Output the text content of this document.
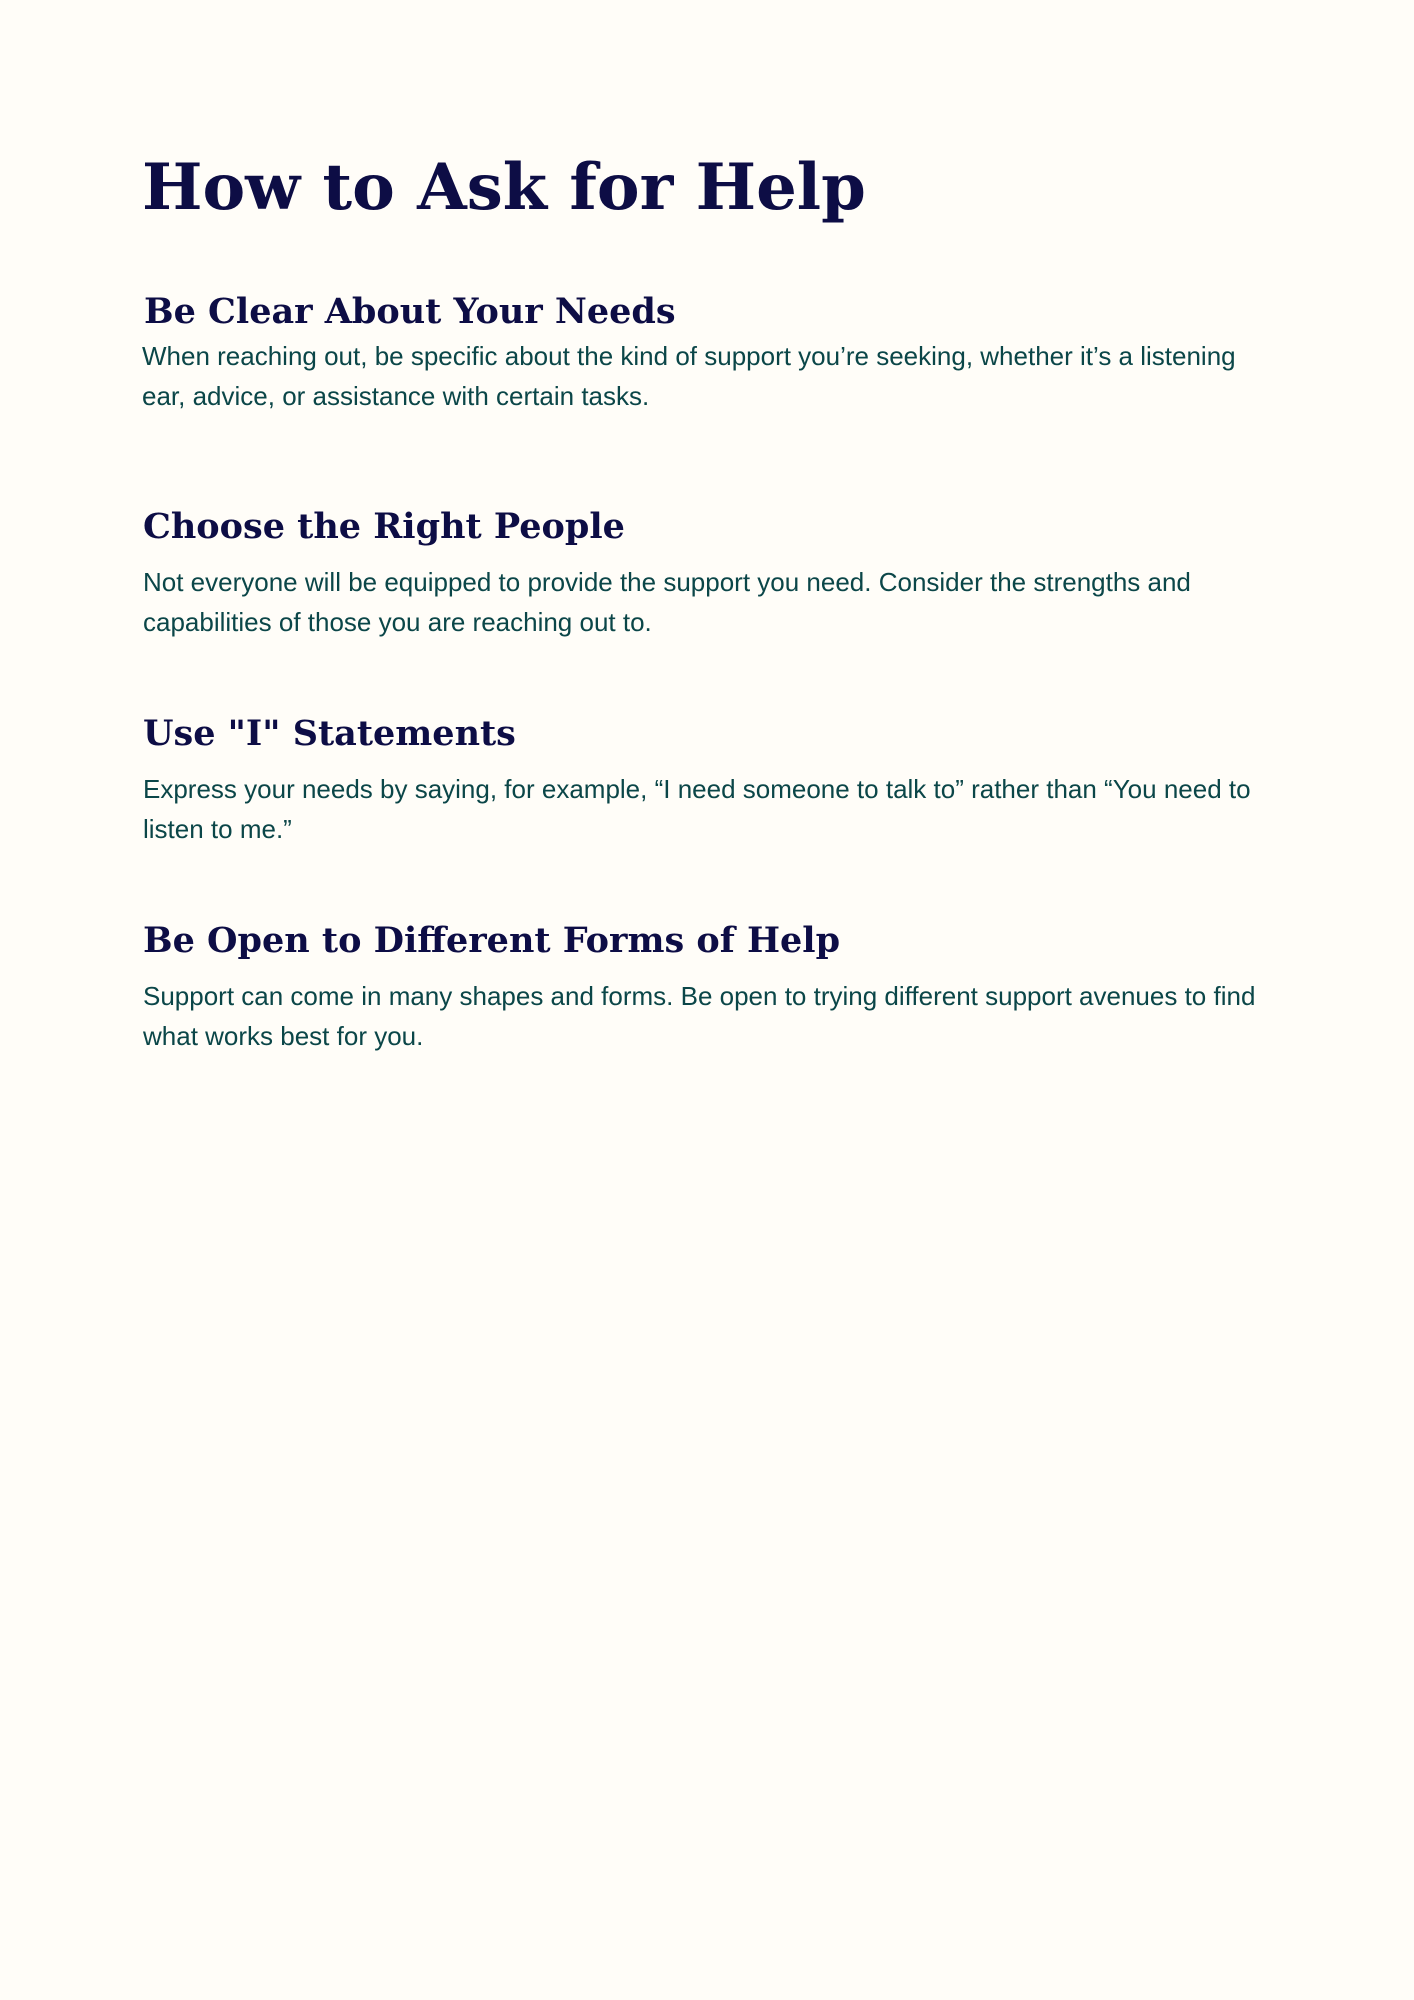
How to Ask for Help
Be Clear About Your Needs

When reaching out, be specific about the kind of support you’re seeking, whether it’s a listening ear, advice, or assistance with certain tasks.

Choose the Right People

Not everyone will be equipped to provide the support you need. Consider the strengths and capabilities of those you are reaching out to.

Use "I" Statements

Express your needs by saying, for example, “I need someone to talk to” rather than “You need to listen to me.”

Be Open to Different Forms of Help

Support can come in many shapes and forms. Be open to trying different support avenues to find what works best for you.
